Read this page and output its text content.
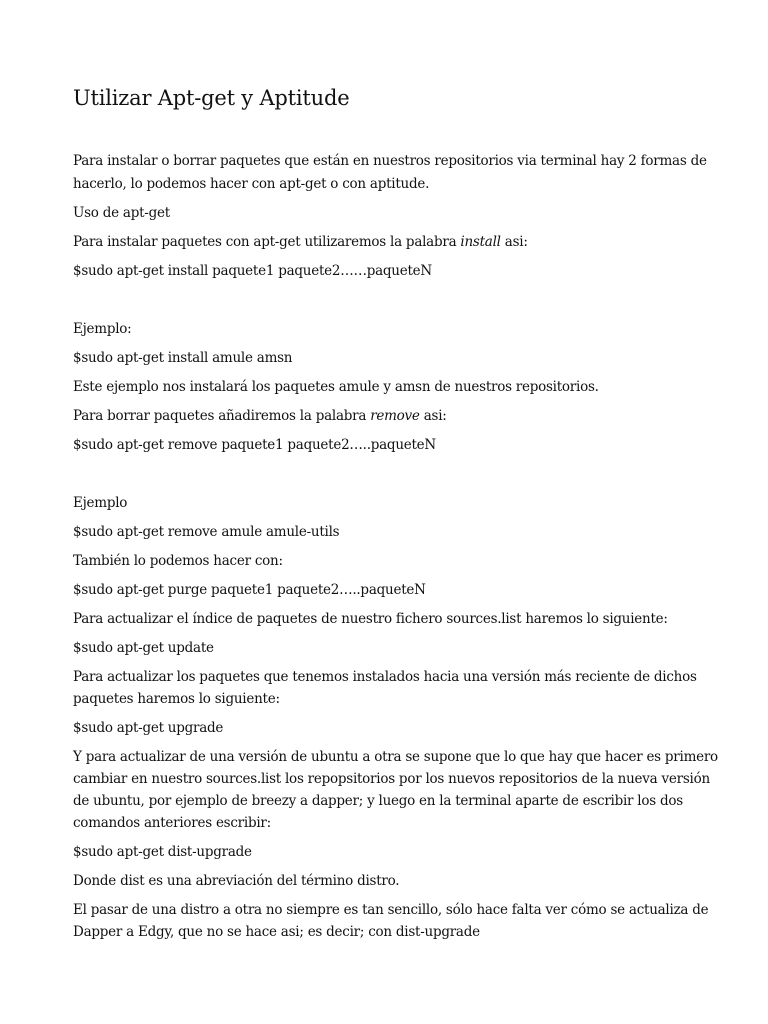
Utilizar Apt-get y Aptitude

Para instalar o borrar paquetes que están en nuestros repositorios via terminal hay 2 formas de

hacerlo, lo podemos hacer con apt-get o con aptitude.

Uso de apt-get

Para instalar paquetes con apt-get utilizaremos la palabra install asi:

$sudo apt-get install paquete1 paquete2……paqueteN

Ejemplo:

$sudo apt-get install amule amsn

Este ejemplo nos instalará los paquetes amule y amsn de nuestros repositorios.

Para borrar paquetes añadiremos la palabra remove asi:

$sudo apt-get remove paquete1 paquete2…..paqueteN

Ejemplo

$sudo apt-get remove amule amule-utils

También lo podemos hacer con:

$sudo apt-get purge paquete1 paquete2…..paqueteN

Para actualizar el índice de paquetes de nuestro fichero sources.list haremos lo siguiente:

$sudo apt-get update

Para actualizar los paquetes que tenemos instalados hacia una versión más reciente de dichos

paquetes haremos lo siguiente:

$sudo apt-get upgrade

Y para actualizar de una versión de ubuntu a otra se supone que lo que hay que hacer es primero

cambiar en nuestro sources.list los repopsitorios por los nuevos repositorios de la nueva versión

de ubuntu, por ejemplo de breezy a dapper; y luego en la terminal aparte de escribir los dos

comandos anteriores escribir:

$sudo apt-get dist-upgrade

Donde dist es una abreviación del término distro.

El pasar de una distro a otra no siempre es tan sencillo, sólo hace falta ver cómo se actualiza de

Dapper a Edgy, que no se hace asi; es decir; con dist-upgrade
